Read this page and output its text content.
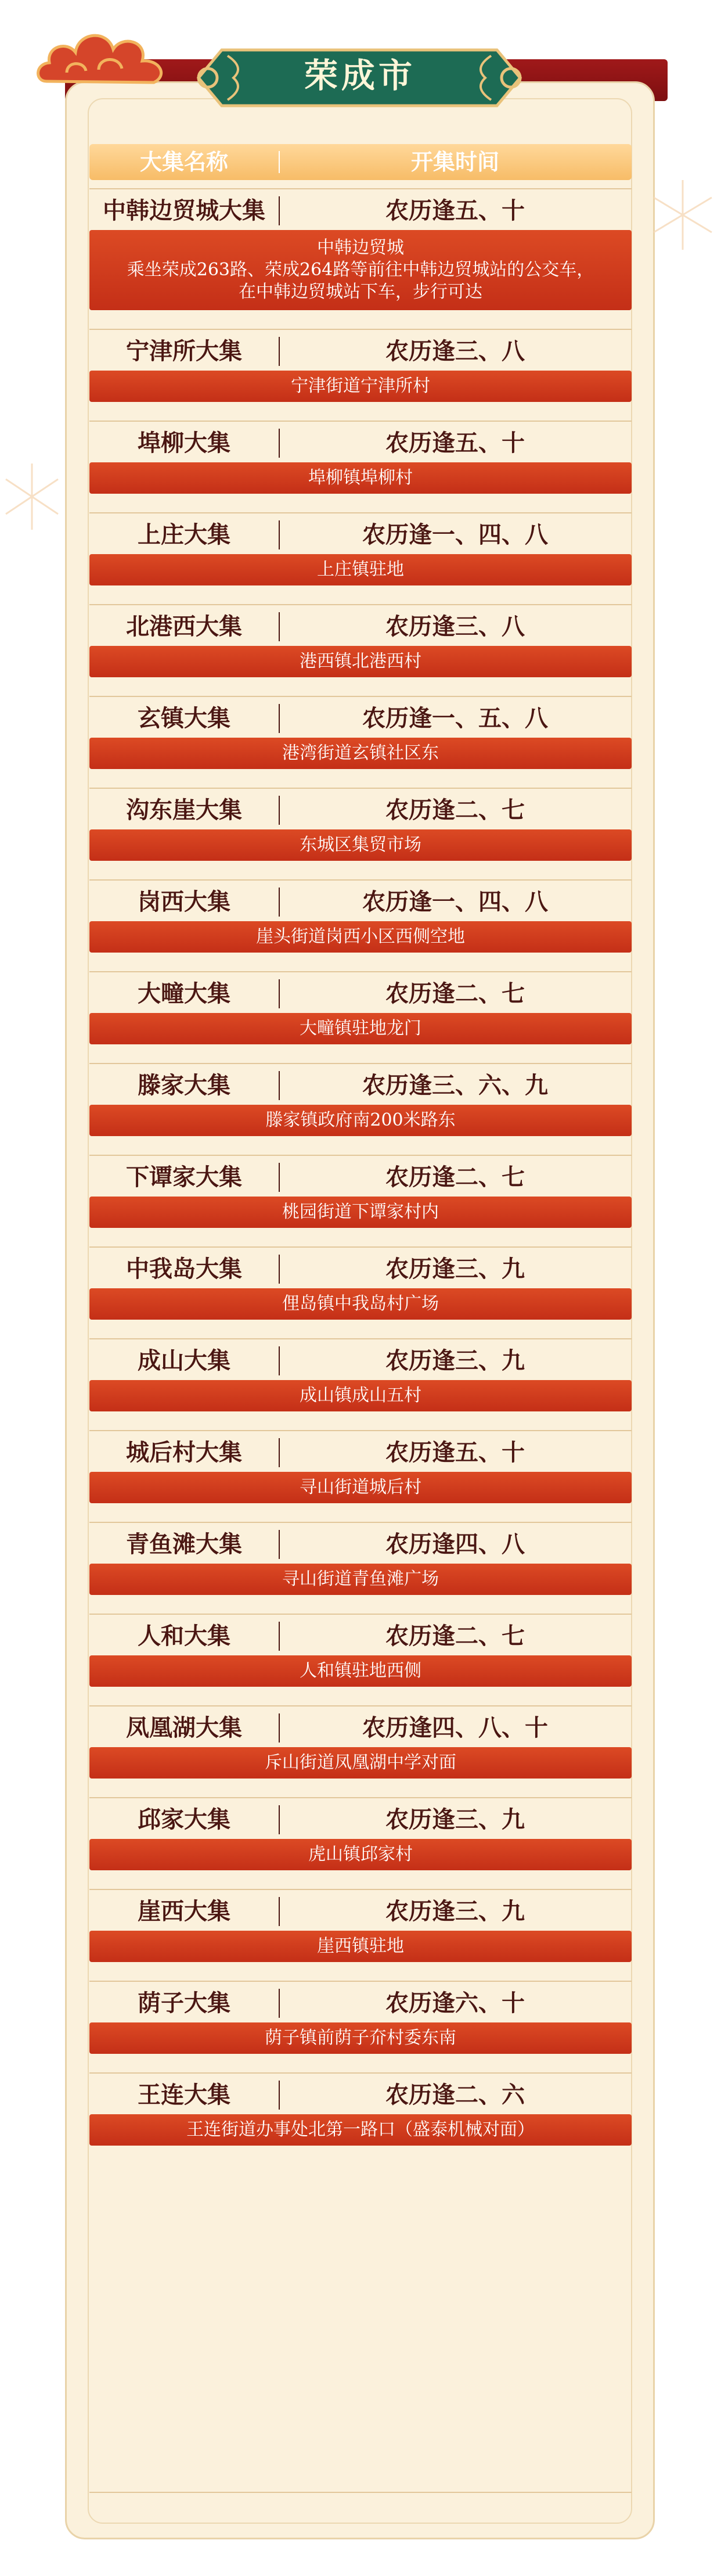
荣成市
大集名称	开集时间
中韩边贸城大集	农历逢五、十
中韩边贸城
乘坐荣成263路、荣成264路等前往中韩边贸城站的公交车，
在中韩边贸城站下车，步行可达
宁津所大集	农历逢三、八
宁津街道宁津所村
埠柳大集	农历逢五、十
埠柳镇埠柳村
上庄大集	农历逢一、四、八
上庄镇驻地
北港西大集	农历逢三、八
港西镇北港西村
玄镇大集	农历逢一、五、八
港湾街道玄镇社区东
沟东崖大集	农历逢二、七
东城区集贸市场
岗西大集	农历逢一、四、八
崖头街道岗西小区西侧空地
大疃大集	农历逢二、七
大疃镇驻地龙门
滕家大集	农历逢三、六、九
滕家镇政府南200米路东
下谭家大集	农历逢二、七
桃园街道下谭家村内
中我岛大集	农历逢三、九
俚岛镇中我岛村广场
成山大集	农历逢三、九
成山镇成山五村
城后村大集	农历逢五、十
寻山街道城后村
青鱼滩大集	农历逢四、八
寻山街道青鱼滩广场
人和大集	农历逢二、七
人和镇驻地西侧
凤凰湖大集	农历逢四、八、十
斥山街道凤凰湖中学对面
邱家大集	农历逢三、九
虎山镇邱家村
崖西大集	农历逢三、九
崖西镇驻地
荫子大集	农历逢六、十
荫子镇前荫子夼村委东南
王连大集	农历逢二、六
王连街道办事处北第一路口（盛泰机械对面）
